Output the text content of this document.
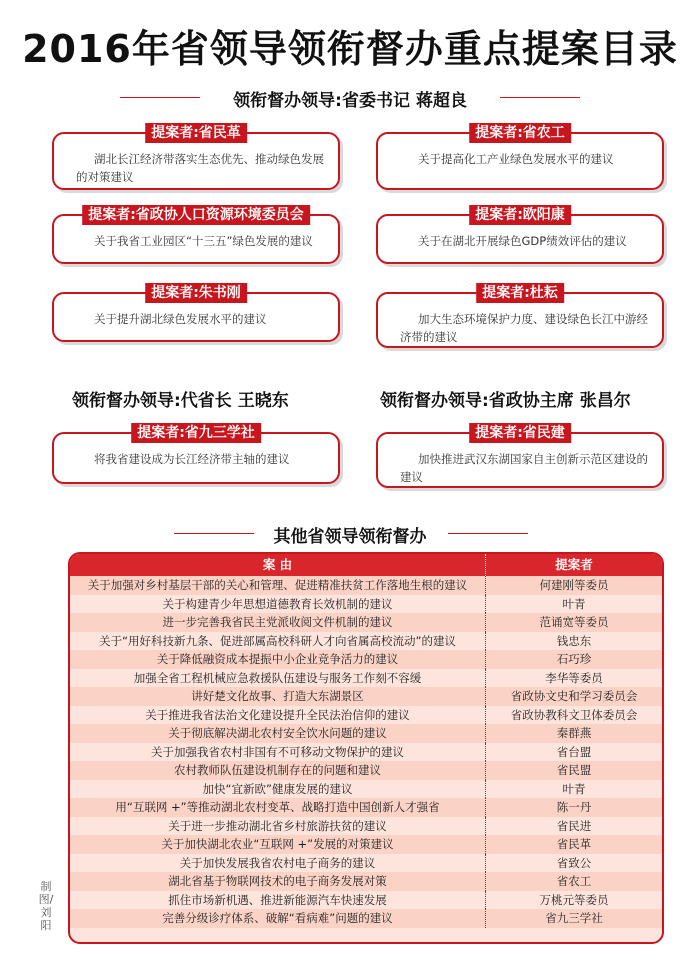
2016年省领导领衔督办重点提案目录
领衔督办领导:省委书记 蒋超良
提案者:省民革
湖北长江经济带落实生态优先、推动绿色发展的对策建议
提案者:省农工
关于提高化工产业绿色发展水平的建议
提案者:省政协人口资源环境委员会
关于我省工业园区“十三五”绿色发展的建议
提案者:欧阳康
关于在湖北开展绿色GDP绩效评估的建议
提案者:朱书刚
关于提升湖北绿色发展水平的建议
提案者:杜耘
加大生态环境保护力度、建设绿色长江中游经济带的建议
领衔督办领导:代省长 王晓东	领衔督办领导:省政协主席 张昌尔
提案者:省九三学社
将我省建设成为长江经济带主轴的建议
提案者:省民建
加快推进武汉东湖国家自主创新示范区建设的建议
其他省领导领衔督办
案 由	提案者
关于加强对乡村基层干部的关心和管理、促进精准扶贫工作落地生根的建议	何建刚等委员
关于构建青少年思想道德教育长效机制的建议	叶青
进一步完善我省民主党派收阅文件机制的建议	范诵宽等委员
关于“用好科技新九条、促进部属高校科研人才向省属高校流动”的建议	钱忠东
关于降低融资成本提振中小企业竞争活力的建议	石巧珍
加强全省工程机械应急救援队伍建设与服务工作刻不容缓	李华等委员
讲好楚文化故事、打造大东湖景区	省政协文史和学习委员会
关于推进我省法治文化建设提升全民法治信仰的建议	省政协教科文卫体委员会
关于彻底解决湖北农村安全饮水问题的建议	秦群燕
关于加强我省农村非国有不可移动文物保护的建议	省台盟
农村教师队伍建设机制存在的问题和建议	省民盟
加快“宜新欧”健康发展的建议	叶青
用“互联网 +”等推动湖北农村变革、战略打造中国创新人才强省	陈一丹
关于进一步推动湖北省乡村旅游扶贫的建议	省民进
关于加快湖北农业“互联网 +”发展的对策建议	省民革
关于加快发展我省农村电子商务的建议	省致公
湖北省基于物联网技术的电子商务发展对策	省农工
抓住市场新机遇、推进新能源汽车快速发展	万桃元等委员
完善分级诊疗体系、破解“看病难”问题的建议	省九三学社
制图/刘阳
